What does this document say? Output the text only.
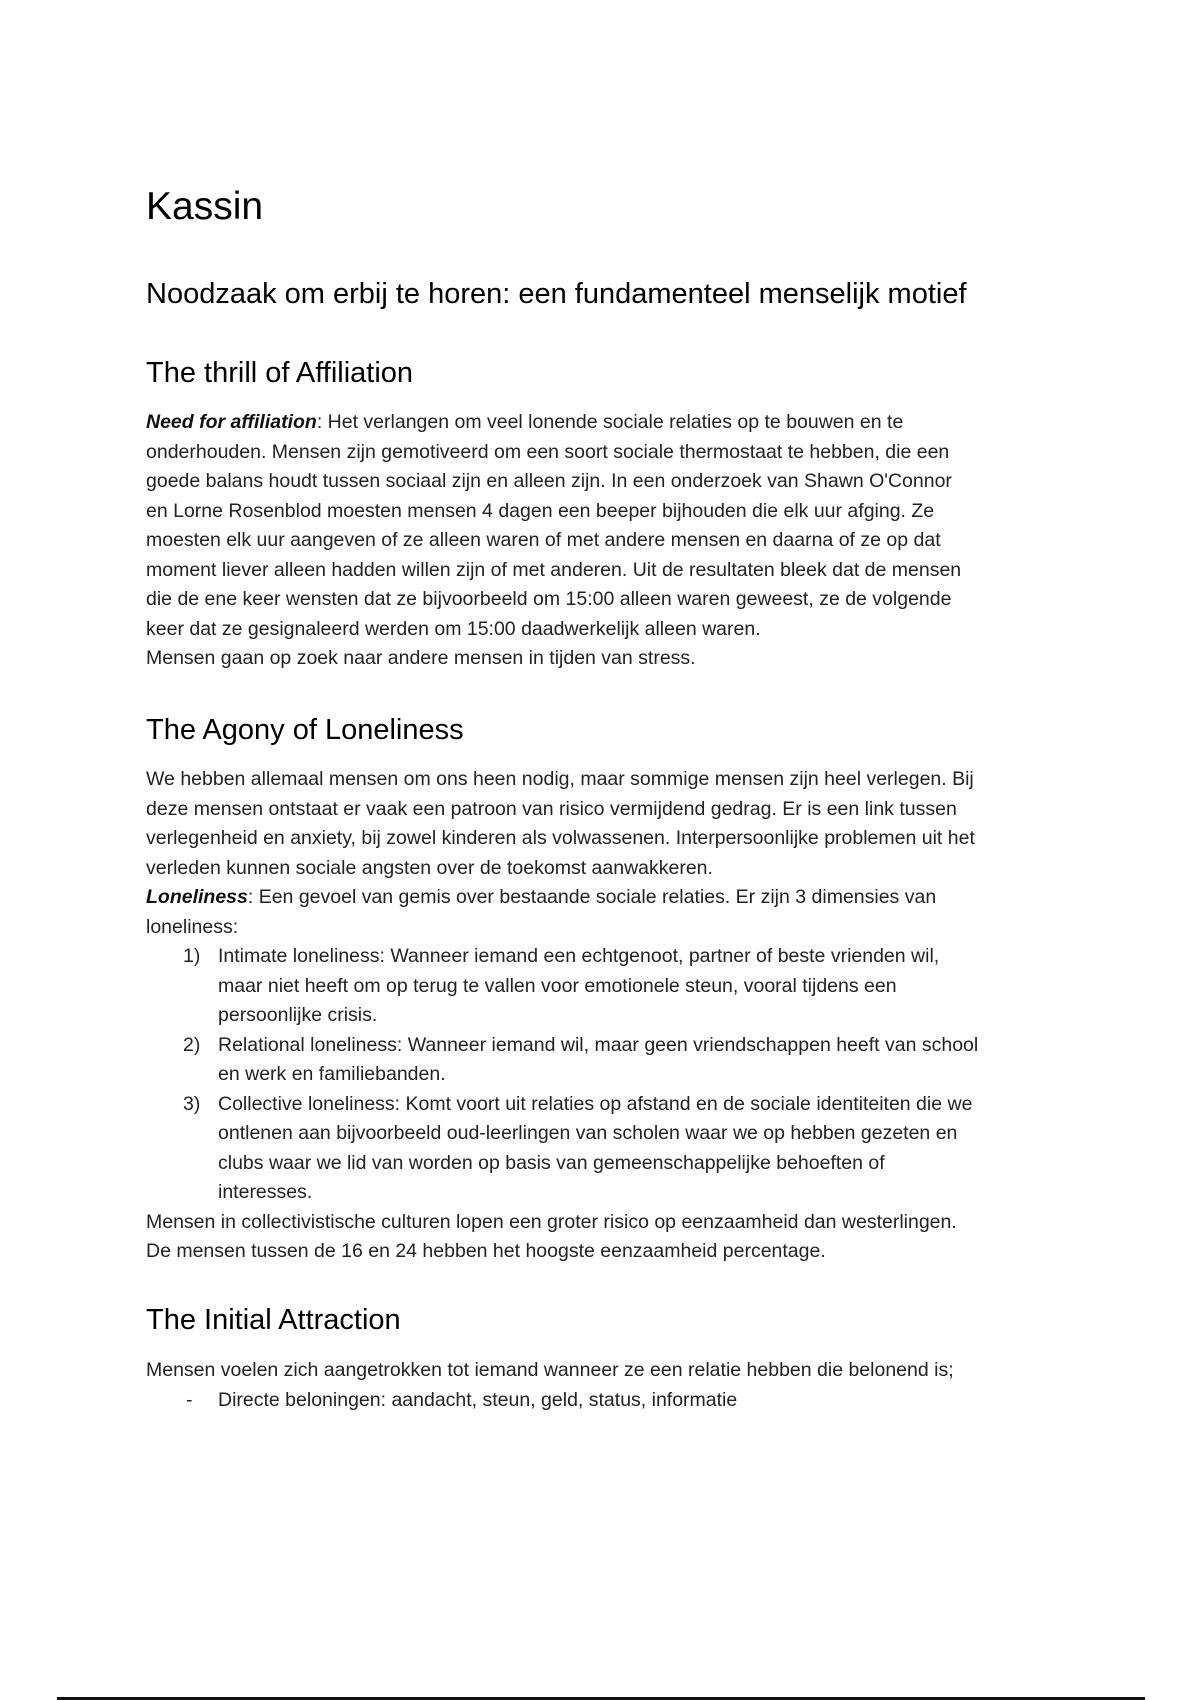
Kassin
Noodzaak om erbij te horen: een fundamenteel menselijk motief
The thrill of Affiliation

Need for affiliation: Het verlangen om veel lonende sociale relaties op te bouwen en te

onderhouden. Mensen zijn gemotiveerd om een soort sociale thermostaat te hebben, die een

goede balans houdt tussen sociaal zijn en alleen zijn. In een onderzoek van Shawn O'Connor

en Lorne Rosenblod moesten mensen 4 dagen een beeper bijhouden die elk uur afging. Ze

moesten elk uur aangeven of ze alleen waren of met andere mensen en daarna of ze op dat

moment liever alleen hadden willen zijn of met anderen. Uit de resultaten bleek dat de mensen

die de ene keer wensten dat ze bijvoorbeeld om 15:00 alleen waren geweest, ze de volgende

keer dat ze gesignaleerd werden om 15:00 daadwerkelijk alleen waren.

Mensen gaan op zoek naar andere mensen in tijden van stress.

The Agony of Loneliness

We hebben allemaal mensen om ons heen nodig, maar sommige mensen zijn heel verlegen. Bij

deze mensen ontstaat er vaak een patroon van risico vermijdend gedrag. Er is een link tussen

verlegenheid en anxiety, bij zowel kinderen als volwassenen. Interpersoonlijke problemen uit het

verleden kunnen sociale angsten over de toekomst aanwakkeren.

Loneliness: Een gevoel van gemis over bestaande sociale relaties. Er zijn 3 dimensies van

loneliness:

1) Intimate loneliness: Wanneer iemand een echtgenoot, partner of beste vrienden wil,
maar niet heeft om op terug te vallen voor emotionele steun, vooral tijdens een
persoonlijke crisis.
2) Relational loneliness: Wanneer iemand wil, maar geen vriendschappen heeft van school
en werk en familiebanden.
3) Collective loneliness: Komt voort uit relaties op afstand en de sociale identiteiten die we
ontlenen aan bijvoorbeeld oud-leerlingen van scholen waar we op hebben gezeten en
clubs waar we lid van worden op basis van gemeenschappelijke behoeften of
interesses.

Mensen in collectivistische culturen lopen een groter risico op eenzaamheid dan westerlingen.

De mensen tussen de 16 en 24 hebben het hoogste eenzaamheid percentage.

The Initial Attraction

Mensen voelen zich aangetrokken tot iemand wanneer ze een relatie hebben die belonend is;

- Directe beloningen: aandacht, steun, geld, status, informatie
